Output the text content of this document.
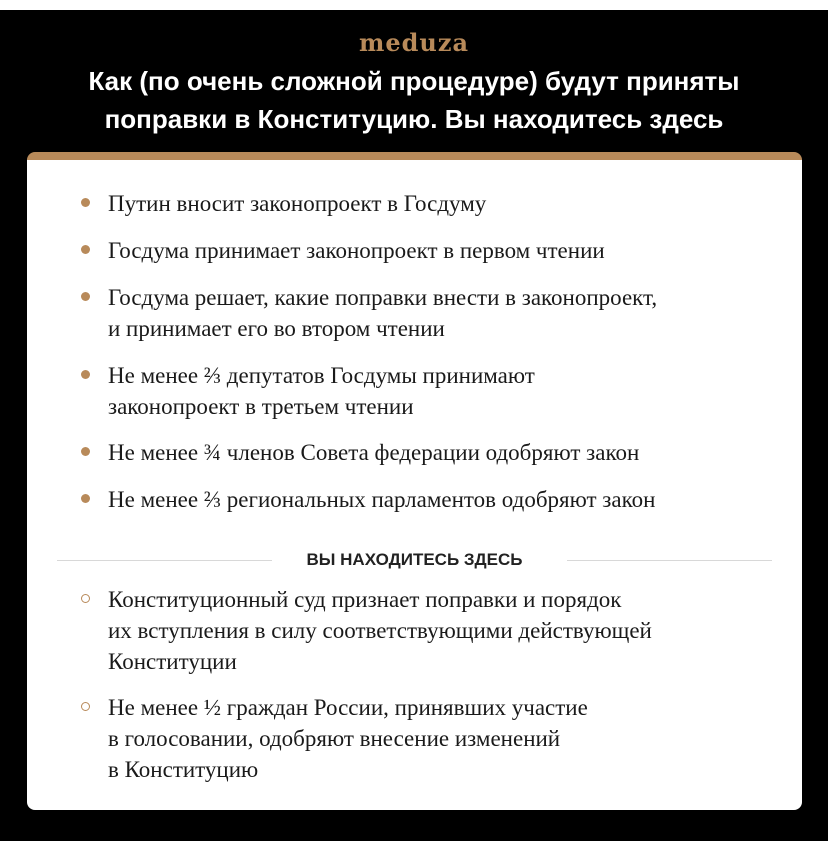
meduza
Как (по очень сложной процедуре) будут приняты
поправки в Конституцию. Вы находитесь здесь
Путин вносит законопроект в Госдуму
Госдума принимает законопроект в первом чтении
Госдума решает, какие поправки внести в законопроект,
и принимает его во втором чтении
Не менее ⅔ депутатов Госдумы принимают
законопроект в третьем чтении
Не менее ¾ членов Совета федерации одобряют закон
Не менее ⅔ региональных парламентов одобряют закон
ВЫ НАХОДИТЕСЬ ЗДЕСЬ
Конституционный суд признает поправки и порядок
их вступления в силу соответствующими действующей
Конституции
Не менее ½ граждан России, принявших участие
в голосовании, одобряют внесение изменений
в Конституцию
